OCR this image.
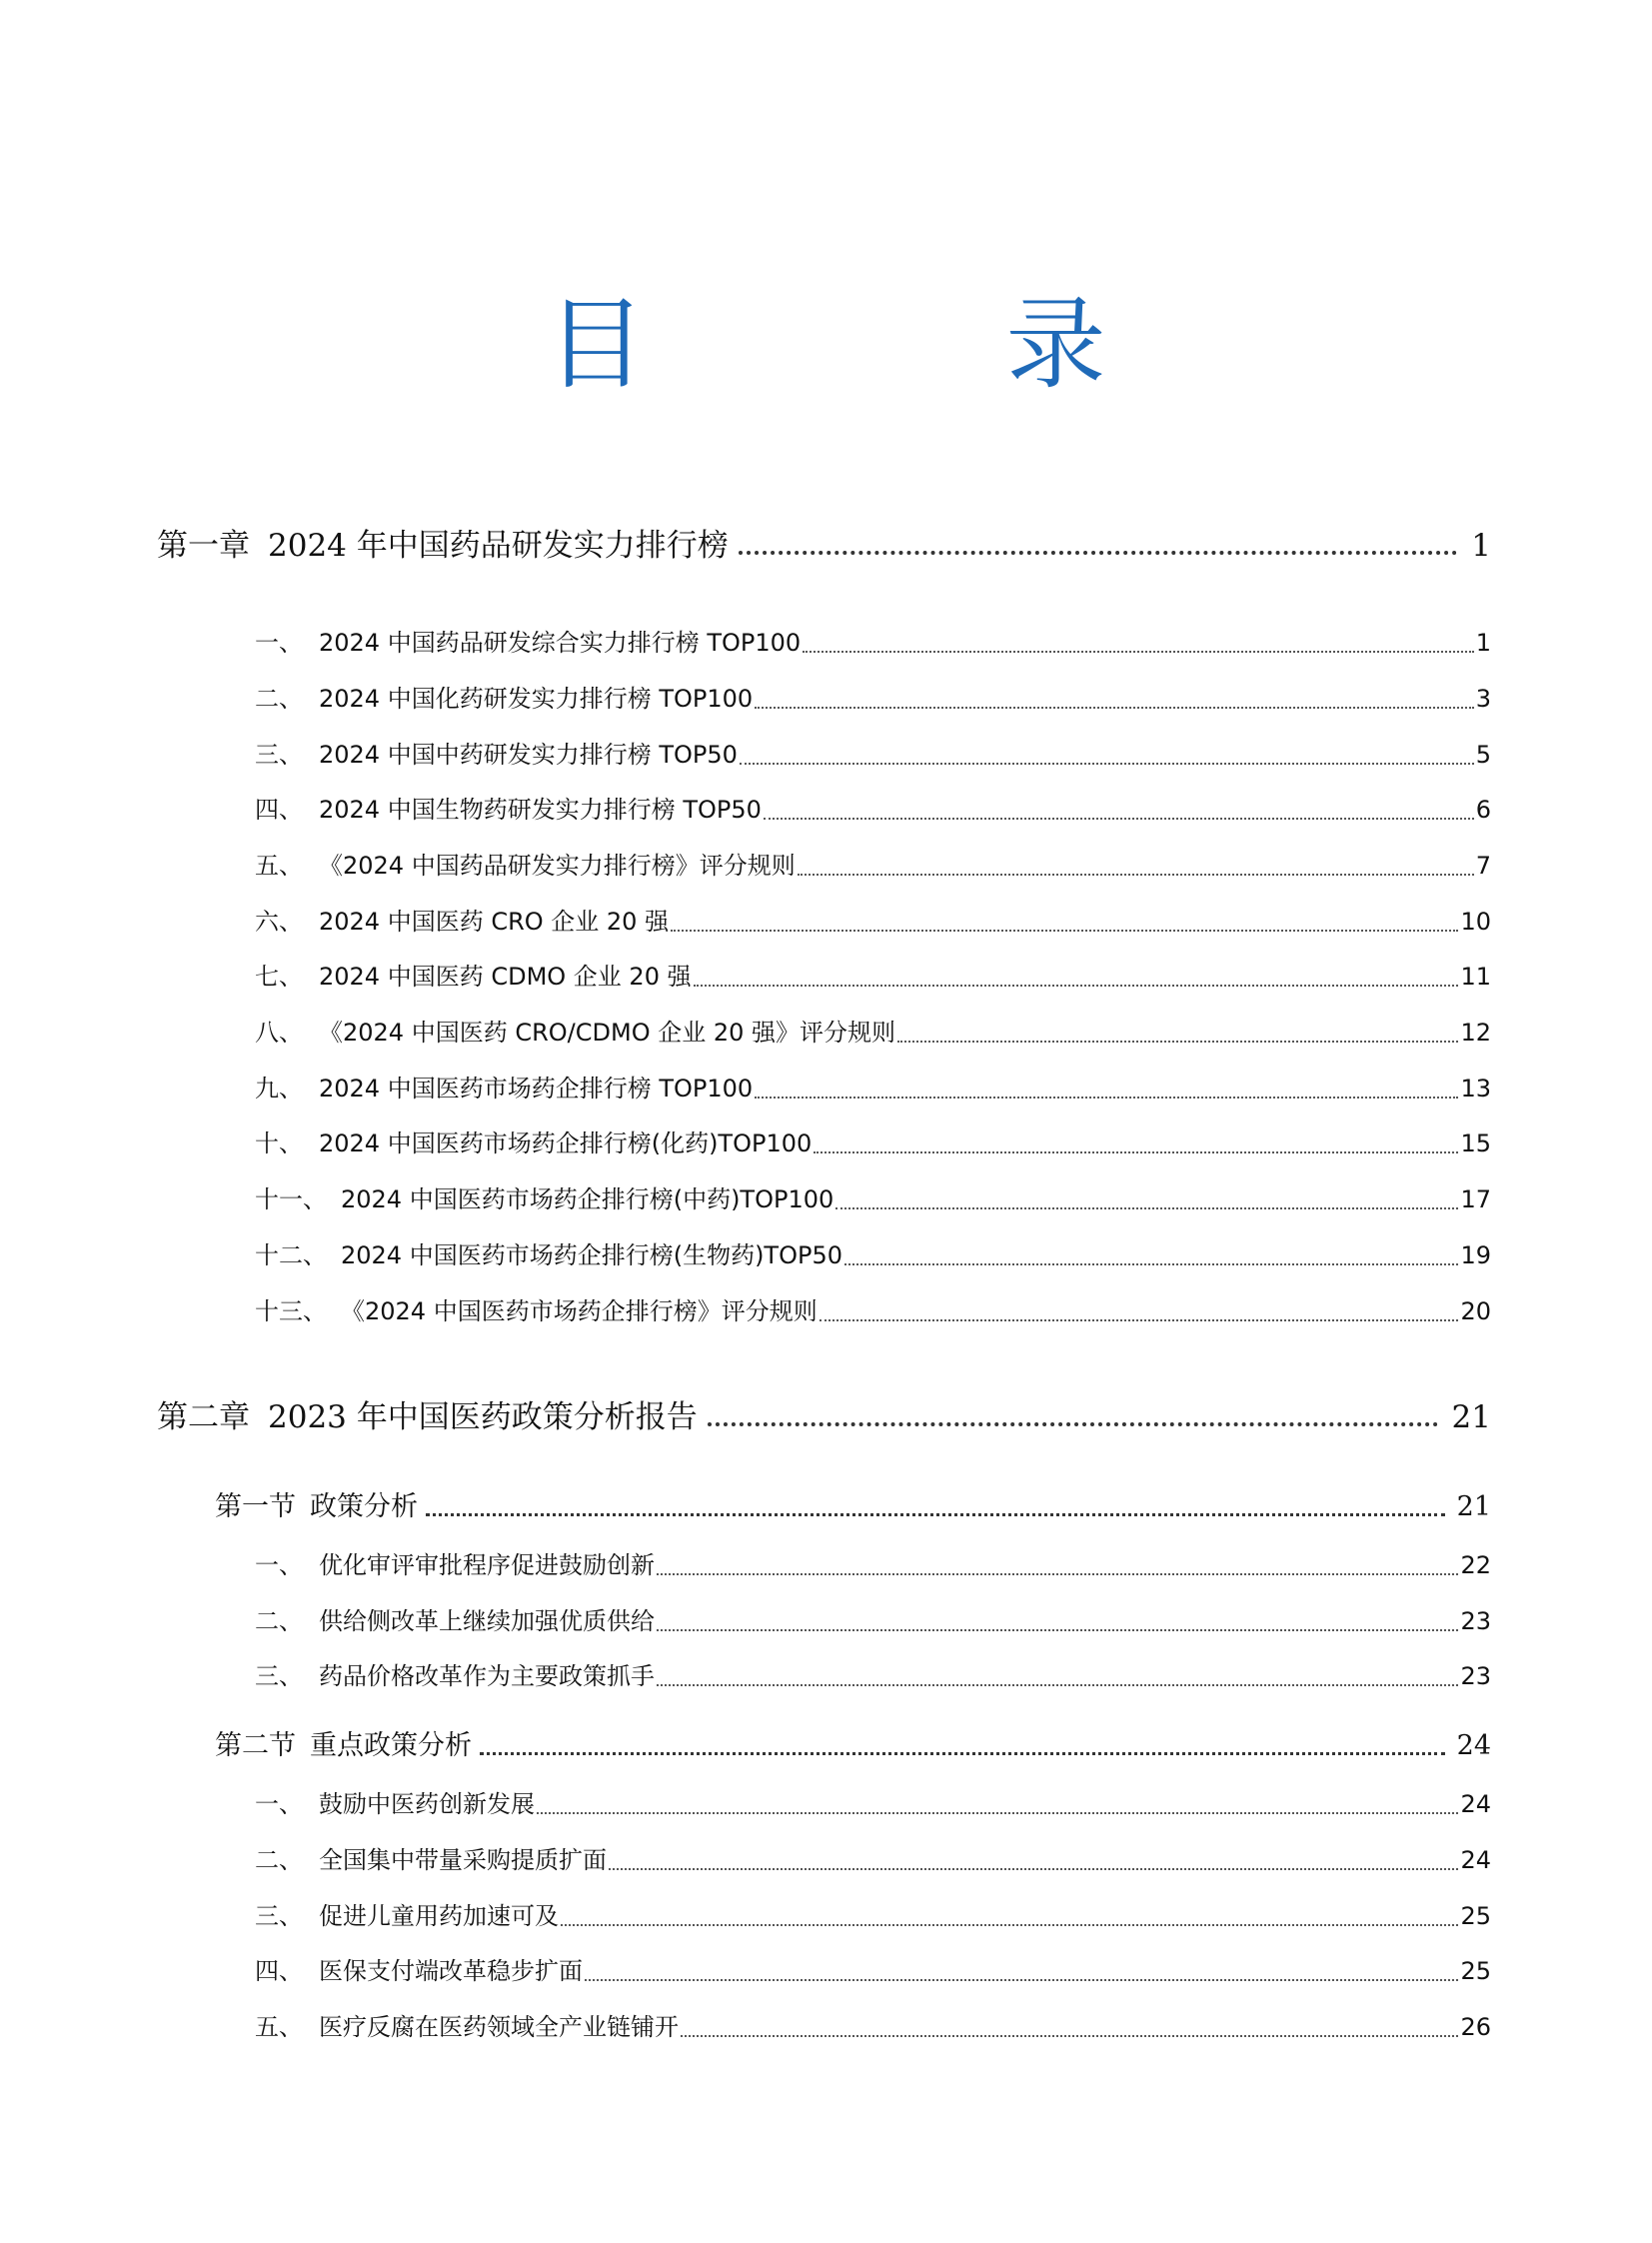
目　录
第一章 2024 年中国药品研发实力排行榜	1
一、 2024 中国药品研发综合实力排行榜 TOP100	1
二、 2024 中国化药研发实力排行榜 TOP100	3
三、 2024 中国中药研发实力排行榜 TOP50	5
四、 2024 中国生物药研发实力排行榜 TOP50	6
五、 《2024 中国药品研发实力排行榜》评分规则	7
六、 2024 中国医药 CRO 企业 20 强	10
七、 2024 中国医药 CDMO 企业 20 强	11
八、 《2024 中国医药 CRO/CDMO 企业 20 强》评分规则	12
九、 2024 中国医药市场药企排行榜 TOP100	13
十、 2024 中国医药市场药企排行榜(化药)TOP100	15
十一、 2024 中国医药市场药企排行榜(中药)TOP100	17
十二、 2024 中国医药市场药企排行榜(生物药)TOP50	19
十三、 《2024 中国医药市场药企排行榜》评分规则	20
第二章 2023 年中国医药政策分析报告	21
第一节 政策分析	21
一、 优化审评审批程序促进鼓励创新	22
二、 供给侧改革上继续加强优质供给	23
三、 药品价格改革作为主要政策抓手	23
第二节 重点政策分析	24
一、 鼓励中医药创新发展	24
二、 全国集中带量采购提质扩面	24
三、 促进儿童用药加速可及	25
四、 医保支付端改革稳步扩面	25
五、 医疗反腐在医药领域全产业链铺开	26
